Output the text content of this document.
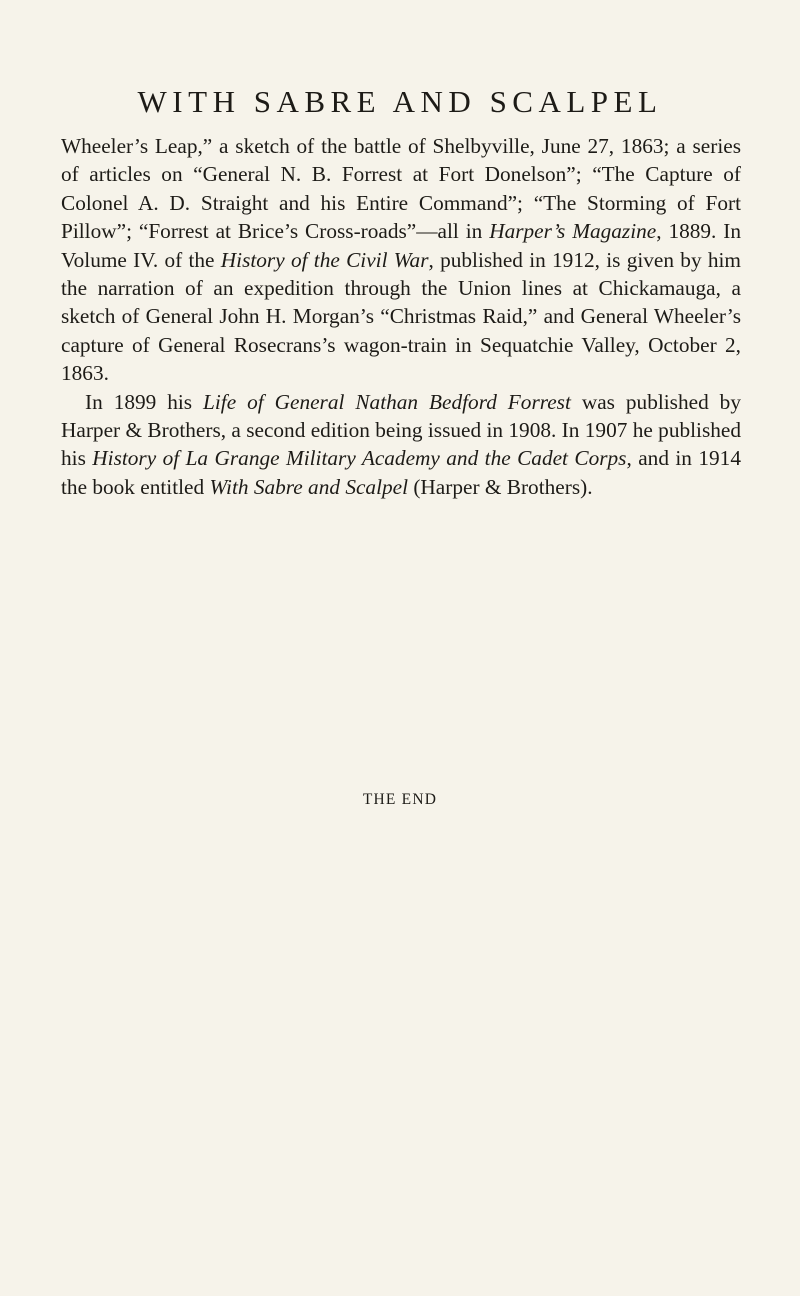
WITH SABRE AND SCALPEL

Wheeler’s Leap,” a sketch of the battle of Shelbyville, June 27, 1863; a series of articles on “General N. B. Forrest at Fort Donelson”; “The Capture of Colonel A. D. Straight and his Entire Command”; “The Storming of Fort Pillow”; “Forrest at Brice’s Cross-roads”—all in Harper’s Magazine, 1889. In Volume IV. of the History of the Civil War, published in 1912, is given by him the narration of an expedition through the Union lines at Chickamauga, a sketch of General John H. Morgan’s “Christmas Raid,” and General Wheeler’s capture of General Rosecrans’s wagon-train in Sequatchie Valley, October 2, 1863.

In 1899 his Life of General Nathan Bedford Forrest was published by Harper & Brothers, a second edition being issued in 1908. In 1907 he published his History of La Grange Military Academy and the Cadet Corps, and in 1914 the book entitled With Sabre and Scalpel (Harper & Brothers).

THE END
